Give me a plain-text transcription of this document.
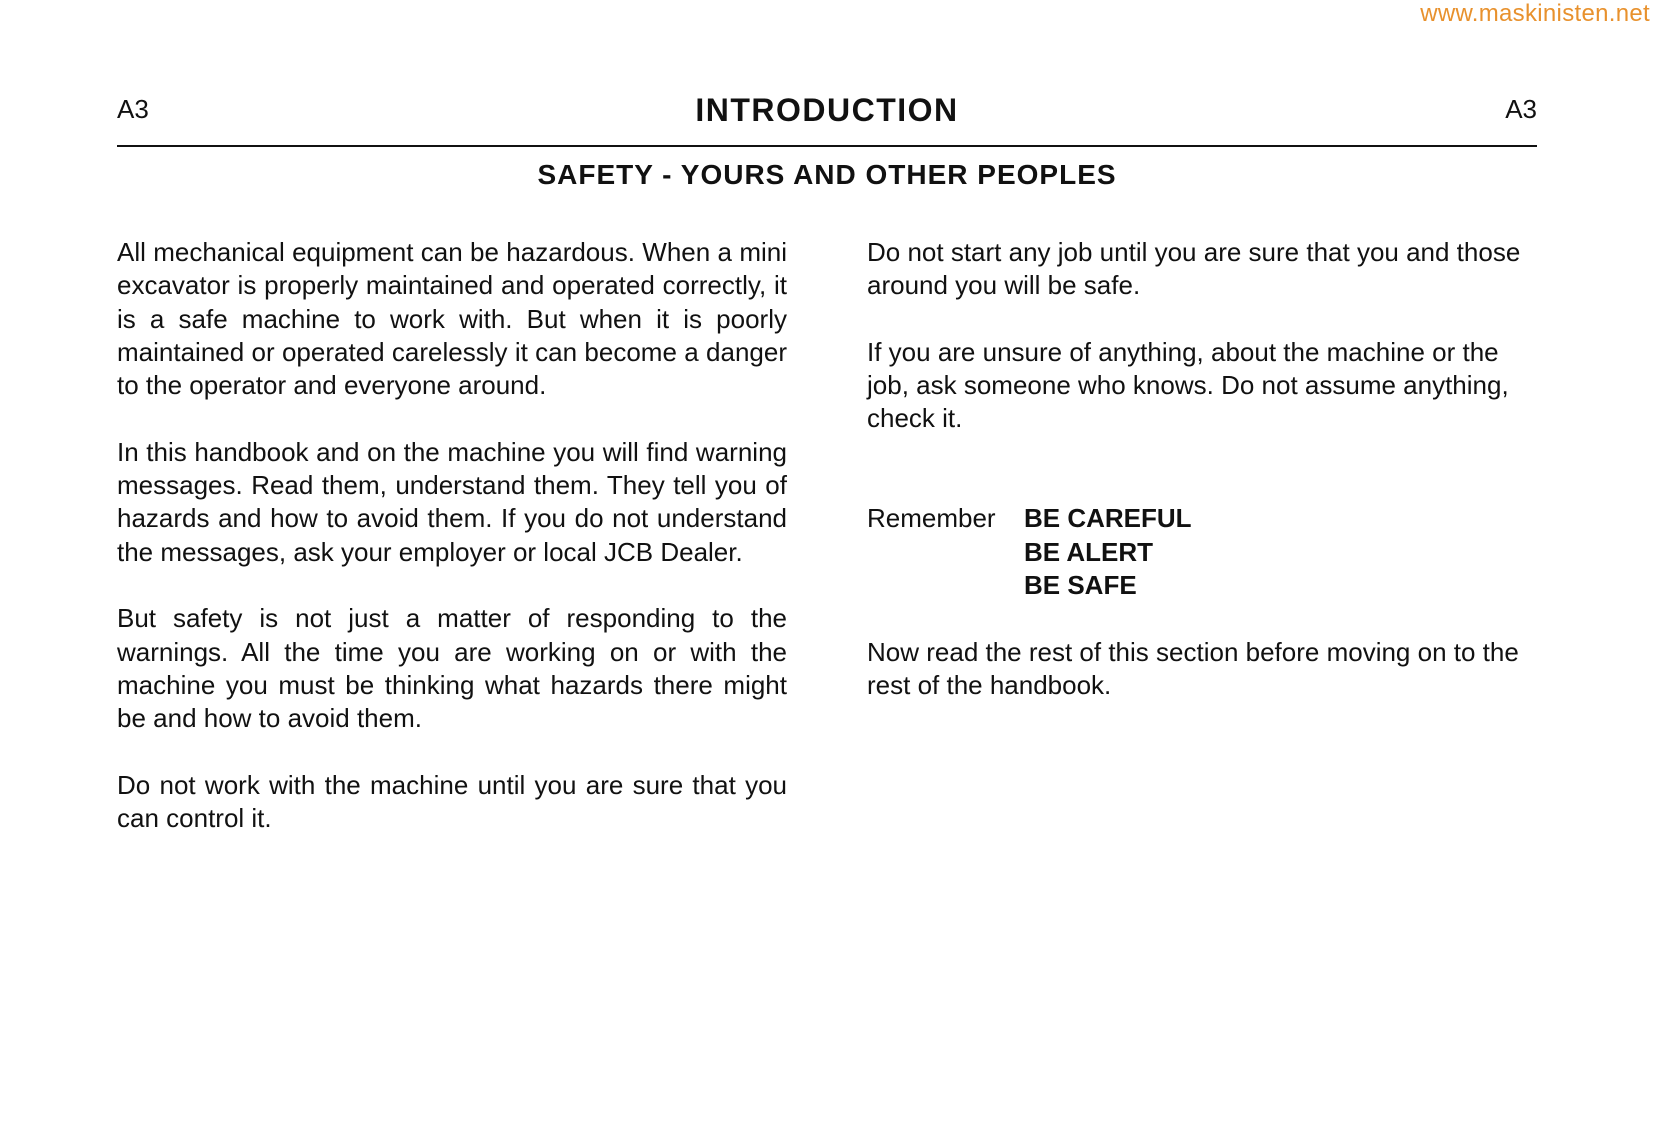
www.maskinisten.net
A3	INTRODUCTION	A3
SAFETY - YOURS AND OTHER PEOPLES

All mechanical equipment can be hazardous. When a mini excavator is properly maintained and operated correctly, it is a safe machine to work with. But when it is poorly maintained or operated carelessly it can become a danger to the operator and everyone around.

In this handbook and on the machine you will find warning messages. Read them, understand them. They tell you of hazards and how to avoid them. If you do not understand the messages, ask your employer or local JCB Dealer.

But safety is not just a matter of responding to the warnings. All the time you are working on or with the machine you must be thinking what hazards there might be and how to avoid them.

Do not work with the machine until you are sure that you can control it.

Do not start any job until you are sure that you and those around you will be safe.

If you are unsure of anything, about the machine or the job, ask someone who knows. Do not assume anything, check it.

Remember	BE CAREFUL
BE ALERT
BE SAFE

Now read the rest of this section before moving on to the rest of the handbook.
